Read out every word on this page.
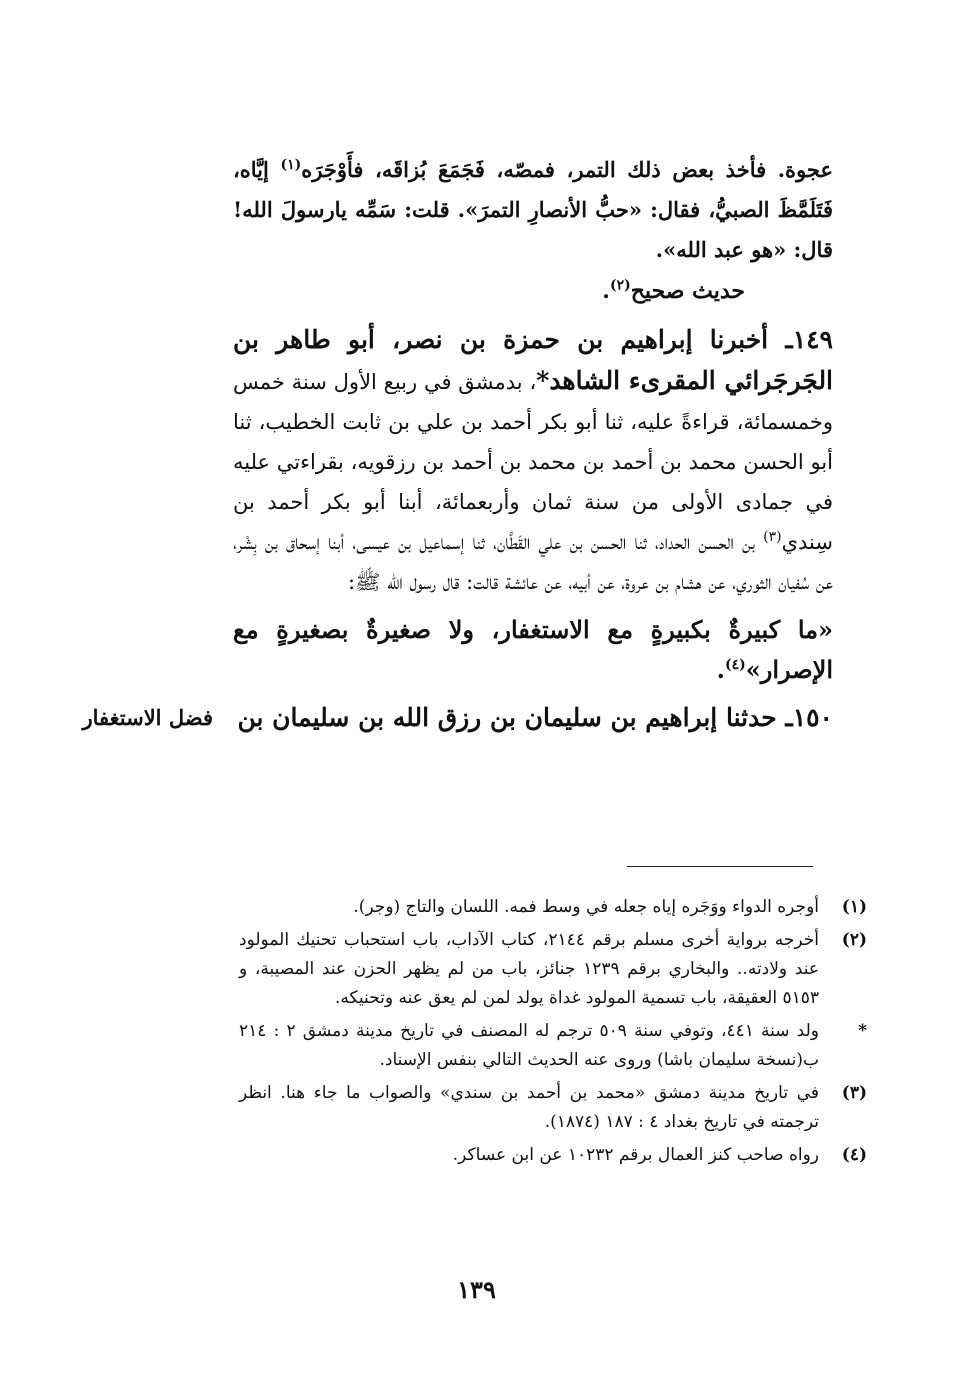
عجوة. فأخذ بعض ذلك التمر، فمصّه، فَجَمَعَ بُزاقَه، فأَوْجَرَه$^{(١)}$ إيَّاه، فَتَلَمَّظَ الصبيُّ، فقال: «حبُّ الأنصارِ التمرَ». قلت: سَمِّه يارسولَ الله! قال: «هو عبد الله».

حديث صحيح$^{(٢)}$.

١٤٩ـ أخبرنا إبراهيم بن حمزة بن نصر، أبو طاهر بن الجَرجَرائي المقرىء الشاهد*، بدمشق في ربيع الأول سنة خمس وخمسمائة، قراءةً عليه، ثنا أبو بكر أحمد بن علي بن ثابت الخطيب، ثنا أبو الحسن محمد بن أحمد بن محمد بن أحمد بن رزقويه، بقراءتي عليه في جمادى الأولى من سنة ثمان وأربعمائة، أبنا أبو بكر أحمد بن سِندي$^{(٣)}$ بن الحسن الحداد، ثنا الحسن بن علي القَطَّان، ثنا إسماعيل بن عيسى، أبنا إسحاق بن بِشْر، عن سُفيان الثوري، عن هشام بن عروة، عن أبيه، عن عائشة قالت: قال رسول الله ﷺ:

«ما كبيرةٌ بكبيرةٍ مع الاستغفار، ولا صغيرةٌ بصغيرةٍ مع الإصرار»$^{(٤)}$.

١٥٠ـ حدثنا إبراهيم بن سليمان بن رزق الله بن سليمان بن

فضل الاستغفار
(١)
أوجره الدواء ووَجَره إياه جعله في وسط فمه. اللسان والتاج (وجر).
(٢)
أخرجه برواية أخرى مسلم برقم ٢١٤٤، كتاب الآداب، باب استحباب تحنيك المولود عند ولادته.. والبخاري برقم ١٢٣٩ جنائز، باب من لم يظهر الحزن عند المصيبة، و ٥١٥٣ العقيقة، باب تسمية المولود غداة يولد لمن لم يعق عنه وتحنيكه.
*
ولد سنة ٤٤١، وتوفي سنة ٥٠٩ ترجم له المصنف في تاريخ مدينة دمشق ٢ : ٢١٤ ب(نسخة سليمان باشا) وروى عنه الحديث التالي بنفس الإسناد.
(٣)
في تاريخ مدينة دمشق «محمد بن أحمد بن سندي» والصواب ما جاء هنا. انظر ترجمته في تاريخ بغداد ٤ : ١٨٧ (١٨٧٤).
(٤)
رواه صاحب كنز العمال برقم ١٠٢٣٢ عن ابن عساكر.
١٣٩
